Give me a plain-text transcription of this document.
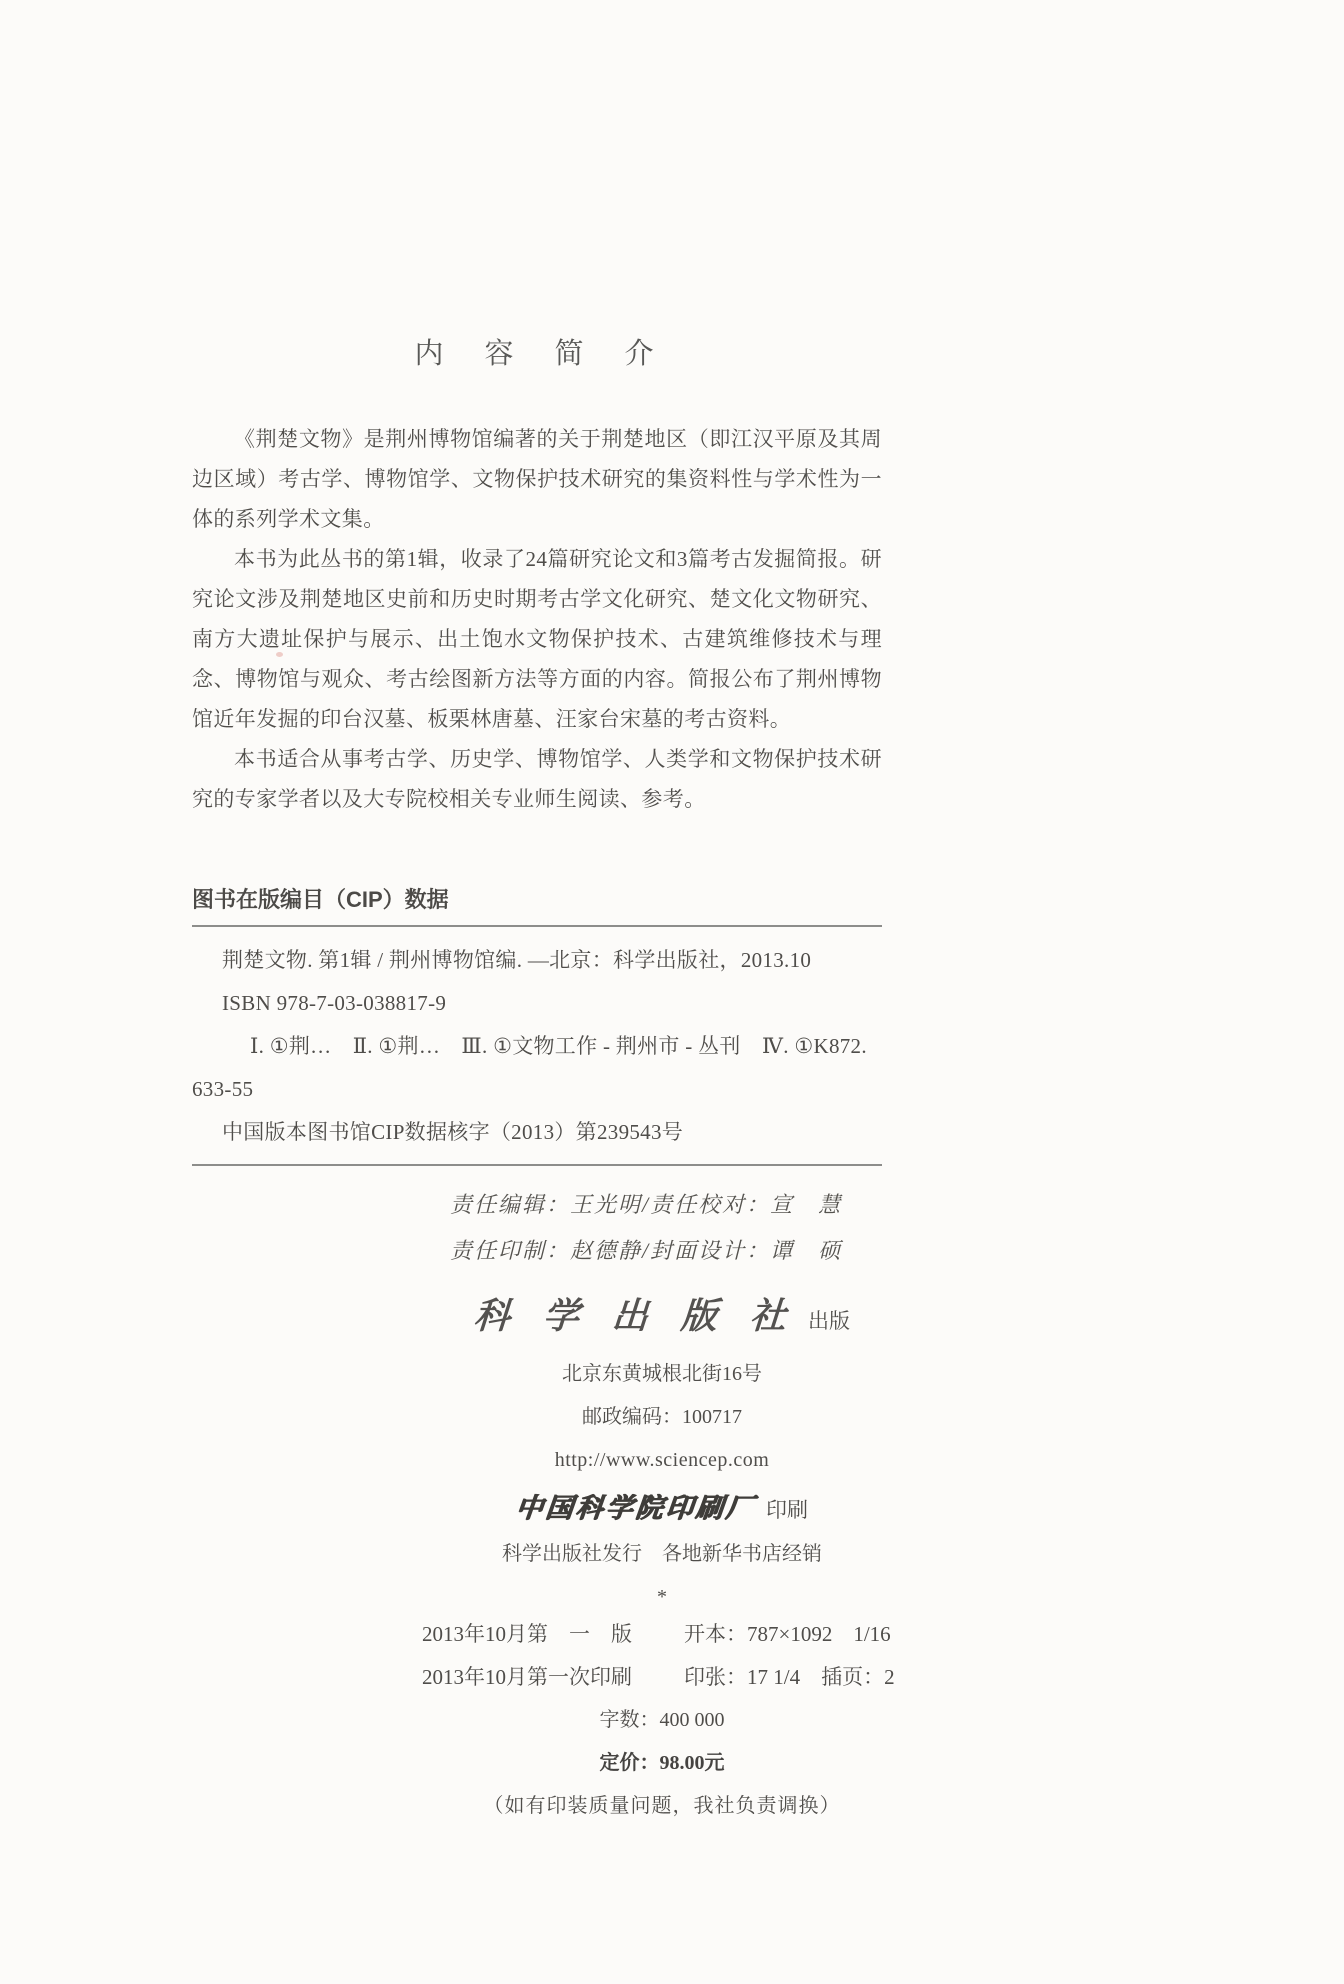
内　容　简　介

《荆楚文物》是荆州博物馆编著的关于荆楚地区（即江汉平原及其周边区域）考古学、博物馆学、文物保护技术研究的集资料性与学术性为一体的系列学术文集。

本书为此丛书的第1辑，收录了24篇研究论文和3篇考古发掘简报。研究论文涉及荆楚地区史前和历史时期考古学文化研究、楚文化文物研究、南方大遗址保护与展示、出土饱水文物保护技术、古建筑维修技术与理念、博物馆与观众、考古绘图新方法等方面的内容。简报公布了荆州博物馆近年发掘的印台汉墓、板栗林唐墓、汪家台宋墓的考古资料。

本书适合从事考古学、历史学、博物馆学、人类学和文物保护技术研究的专家学者以及大专院校相关专业师生阅读、参考。

图书在版编目（CIP）数据

荆楚文物. 第1辑 / 荆州博物馆编. —北京：科学出版社，2013.10

ISBN 978-7-03-038817-9

Ⅰ. ①荆…　Ⅱ. ①荆…　Ⅲ. ①文物工作 - 荆州市 - 丛刊　Ⅳ. ①K872.

633-55

中国版本图书馆CIP数据核字（2013）第239543号

责任编辑：王光明/责任校对：宣　慧

责任印制：赵德静/封面设计：谭　硕

科 学 出 版 社 出版

北京东黄城根北街16号

邮政编码：100717

http://www.sciencep.com

中国科学院印刷厂 印刷

科学出版社发行　各地新华书店经销

*

2013年10月第　一　版	开本：787×1092　1/16
2013年10月第一次印刷	印张：17 1/4　插页：2

字数：400 000

定价：98.00元

（如有印装质量问题，我社负责调换）
